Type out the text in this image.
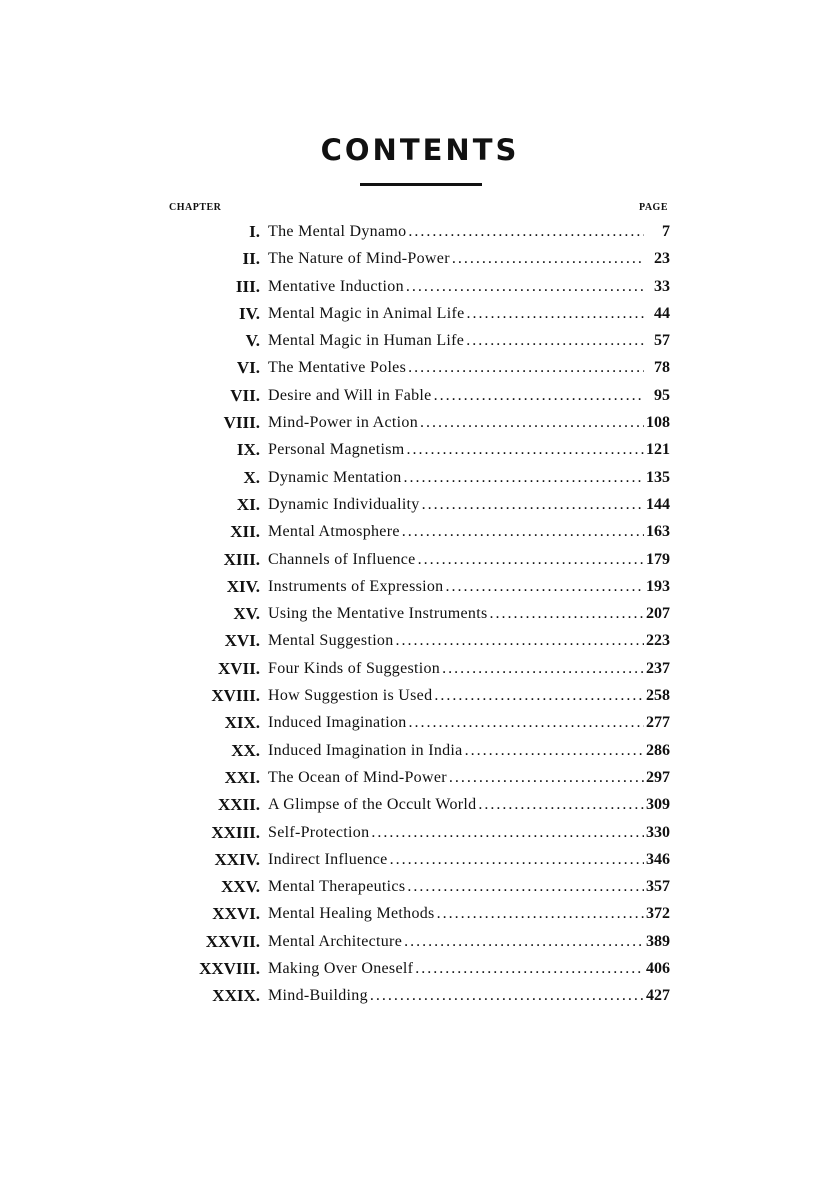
CONTENTS
CHAPTER	PAGE
I. The Mental Dynamo . . .	7
II. The Nature of Mind-Power . . .	23
III. Mentative Induction . . .	33
IV. Mental Magic in Animal Life . . .	44
V. Mental Magic in Human Life . . .	57
VI. The Mentative Poles . . .	78
VII. Desire and Will in Fable . . .	95
VIII. Mind-Power in Action . . .	108
IX. Personal Magnetism . . .	121
X. Dynamic Mentation . . .	135
XI. Dynamic Individuality . . .	144
XII. Mental Atmosphere . . .	163
XIII. Channels of Influence . . .	179
XIV. Instruments of Expression . . .	193
XV. Using the Mentative Instruments . . .	207
XVI. Mental Suggestion . . .	223
XVII. Four Kinds of Suggestion . . .	237
XVIII. How Suggestion is Used . . .	258
XIX. Induced Imagination . . .	277
XX. Induced Imagination in India . . .	286
XXI. The Ocean of Mind-Power . . .	297
XXII. A Glimpse of the Occult World . . .	309
XXIII. Self-Protection . . .	330
XXIV. Indirect Influence . . .	346
XXV. Mental Therapeutics . . .	357
XXVI. Mental Healing Methods . . .	372
XXVII. Mental Architecture . . .	389
XXVIII. Making Over Oneself . . .	406
XXIX. Mind-Building . . .	427
